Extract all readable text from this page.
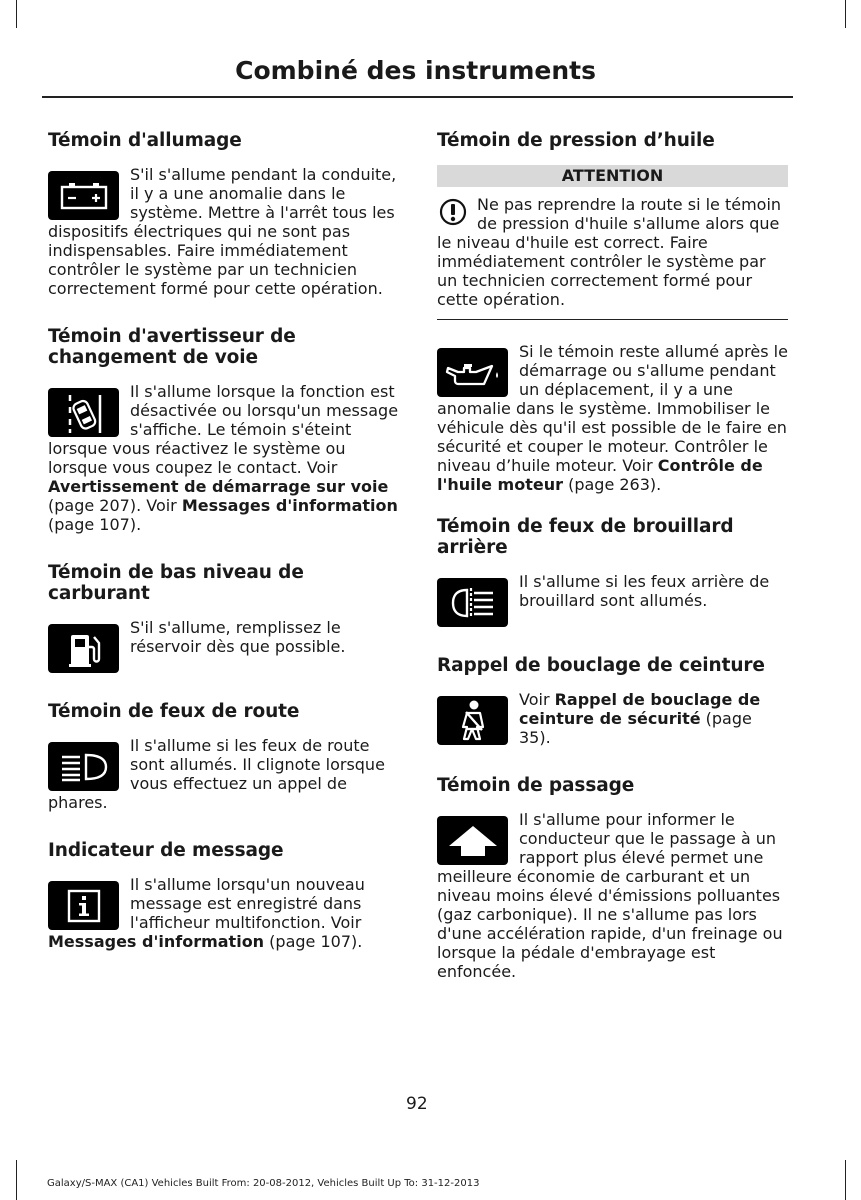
Combiné des instruments
Témoin d'allumage

S'il s'allume pendant la conduite, il y a une anomalie dans le système. Mettre à l'arrêt tous les dispositifs électriques qui ne sont pas indispensables. Faire immédiatement contrôler le système par un technicien correctement formé pour cette opération.

Témoin d'avertisseur de changement de voie

Il s'allume lorsque la fonction est désactivée ou lorsqu'un message s'affiche. Le témoin s'éteint lorsque vous réactivez le système ou lorsque vous coupez le contact. Voir Avertissement de démarrage sur voie (page 207). Voir Messages d'information (page 107).

Témoin de bas niveau de carburant

S'il s'allume, remplissez le réservoir dès que possible.

Témoin de feux de route

Il s'allume si les feux de route sont allumés. Il clignote lorsque vous effectuez un appel de phares.

Indicateur de message

Il s'allume lorsqu'un nouveau message est enregistré dans l'afficheur multifonction. Voir Messages d'information (page 107).

Témoin de pression d’huile
ATTENTION

Ne pas reprendre la route si le témoin de pression d'huile s'allume alors que le niveau d'huile est correct. Faire immédiatement contrôler le système par un technicien correctement formé pour cette opération.

Si le témoin reste allumé après le démarrage ou s'allume pendant un déplacement, il y a une anomalie dans le système. Immobiliser le véhicule dès qu'il est possible de le faire en sécurité et couper le moteur. Contrôler le niveau d’huile moteur. Voir Contrôle de l'huile moteur (page 263).

Témoin de feux de brouillard arrière

Il s'allume si les feux arrière de brouillard sont allumés.

Rappel de bouclage de ceinture

Voir Rappel de bouclage de ceinture de sécurité (page 35).

Témoin de passage

Il s'allume pour informer le conducteur que le passage à un rapport plus élevé permet une meilleure économie de carburant et un niveau moins élevé d'émissions polluantes (gaz carbonique). Il ne s'allume pas lors d'une accélération rapide, d'un freinage ou lorsque la pédale d'embrayage est enfoncée.

92
Galaxy/S-MAX (CA1) Vehicles Built From: 20-08-2012, Vehicles Built Up To: 31-12-2013
